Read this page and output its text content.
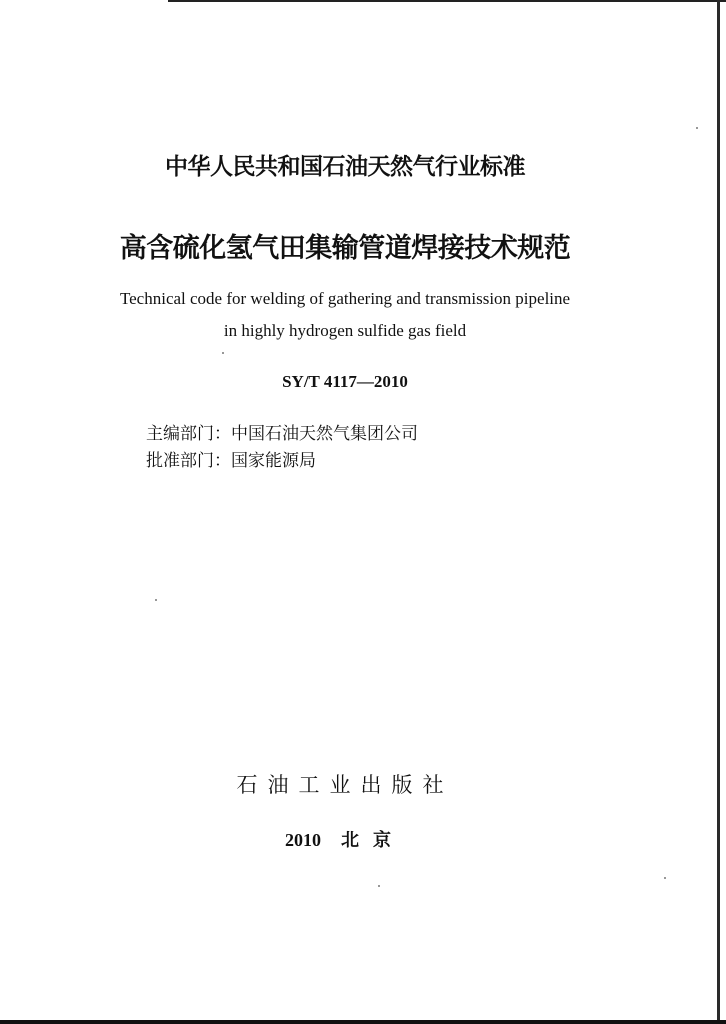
中华人民共和国石油天然气行业标准
高含硫化氢气田集输管道焊接技术规范
Technical code for welding of gathering and transmission pipeline
in highly hydrogen sulfide gas field
SY/T 4117—2010
主编部门：中国石油天然气集团公司
批准部门：国家能源局
石油工业出版社
2010 北京
